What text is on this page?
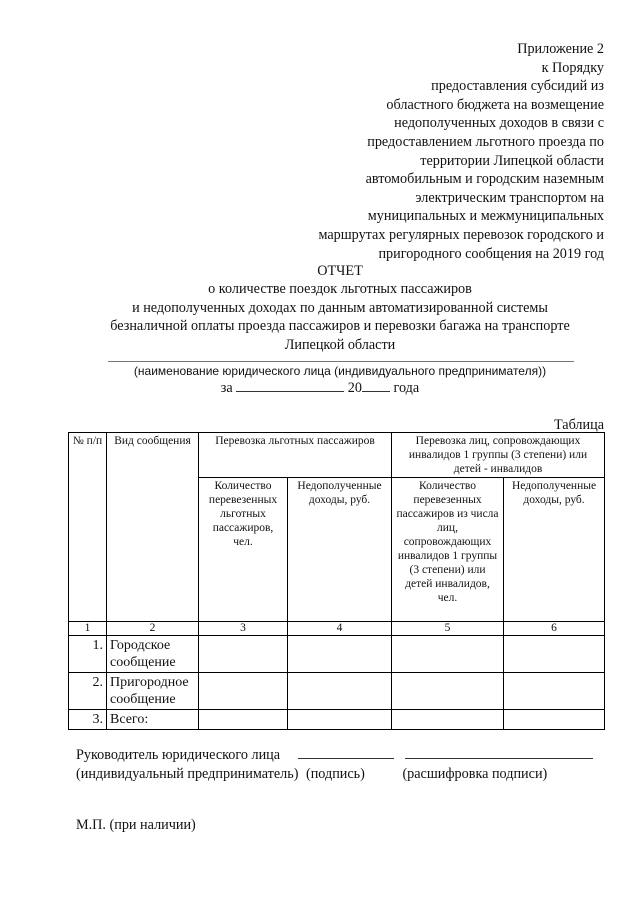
Приложение 2
к Порядку
предоставления субсидий из
областного бюджета на возмещение
недополученных доходов в связи с
предоставлением льготного проезда по
территории Липецкой области
автомобильным и городским наземным
электрическим транспортом на
муниципальных и межмуниципальных
маршрутах регулярных перевозок городского и
пригородного сообщения на 2019 год
ОТЧЕТ
о количестве поездок льготных пассажиров
и недополученных доходах по данным автоматизированной системы
безналичной оплаты проезда пассажиров и перевозки багажа на транспорте
Липецкой области
(наименование юридического лица (индивидуального предпринимателя))
за	20 года
Таблица
№ п/п	Вид сообщения	Перевозка льготных пассажиров		Перевозка лиц, сопровождающих инвалидов 1 группы (3 степени) или детей - инвалидов	
		Количество перевезенных льготных пассажиров, чел.	Недополученные доходы, руб.	Количество перевезенных пассажиров из числа лиц, сопровождающих инвалидов 1 группы (3 степени) или детей инвалидов, чел.	Недополученные доходы, руб.
1	2	3	4	5	6
1.	Городское сообщение				
2.	Пригородное сообщение				
3.	Всего:				
Руководитель юридического лица
(индивидуальный предприниматель) (подпись)	(расшифровка подписи)
М.П. (при наличии)
